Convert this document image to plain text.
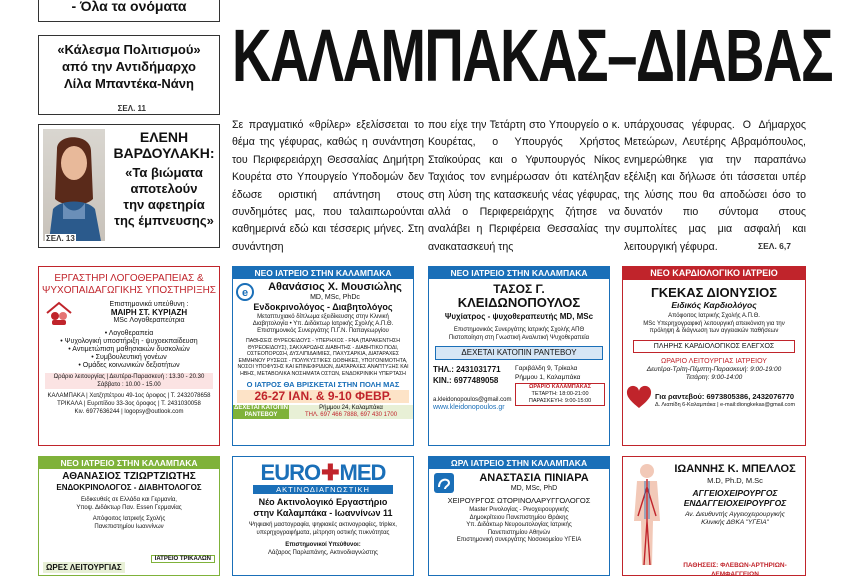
- Όλα τα ονόματα
«Κάλεσμα Πολιτισμού»
από την Αντιδήμαρχο
Λίλα Μπαντέκα-Νάνη
ΣΕΛ. 11
ΕΛΕΝΗ
ΒΑΡΔΟΥΛΑΚΗ:
«Τα βιώματα
αποτελούν
την αφετηρία
της έμπνευσης»
ΣΕΛ. 13
ΚΑΛΑΜΠΑΚΑΣ–ΔΙΑΒΑΣ
Σε πραγματικό «θρίλερ» εξελίσσεται το θέμα της γέφυρας, καθώς η συνάντηση του Περιφερειάρχη Θεσσαλίας Δημήτρη Κουρέτα στο Υπουργείο Υποδομών δεν έδωσε οριστική απάντηση στους συνδημότες μας, που ταλαιπωρούνται καθημερινά εδώ και τέσσερις μήνες. Στη συνάντηση
που είχε την Τετάρτη στο Υπουργείο ο κ. Κουρέτας, ο Υπουργός Χρήστος Σταϊκούρας και ο Υφυπουργός Νίκος Ταχιάος τον ενημέρωσαν ότι κατέληξαν στη λύση της κατασκευής νέας γέφυρας, αλλά ο Περιφερειάρχης ζήτησε να αναλάβει η Περιφέρεια Θεσσαλίας την ανακατασκευή της
υπάρχουσας γέφυρας. Ο Δήμαρχος Μετεώρων, Λευτέρης Αβραμόπουλος, ενημερώθηκε για την παραπάνω εξέλιξη και δήλωσε ότι τάσσεται υπέρ της λύσης που θα αποδώσει όσο το δυνατόν πιο σύντομα στους συμπολίτες μας μια ασφαλή και λειτουργική γέφυρα.	ΣΕΛ. 6,7
ΕΡΓΑΣΤΗΡΙ ΛΟΓΟΘΕΡΑΠΕΙΑΣ &
ΨΥΧΟΠΑΙΔΑΓΩΓΙΚΗΣ ΥΠΟΣΤΗΡΙΞΗΣ
Επιστημονικά υπεύθυνη :
ΜΑΙΡΗ ΣΤ. ΚΥΡΙΑΖΗ
MSc Λογοθεραπεύτρια
• Λογοθεραπεία
• Ψυχολογική υποστήριξη - ψυχοεκπαίδευση
• Αντιμετώπιση μαθησιακών δυσκολιών
• Συμβουλευτική γονέων
• Ομάδες κοινωνικών δεξιοτήτων
Ωράριο λειτουργίας | Δευτέρα-Παρασκευή : 13.30 - 20.30
Σάββατο : 10.00 - 15.00
ΚΑΛΑΜΠΑΚΑ | Χατζηπέτρου 49-1ος όροφος | Τ. 2432078658
ΤΡΙΚΑΛΑ | Ευριπίδου 33-3ος όροφος | Τ. 2431030058
Κιν. 6977636244 | logopsy@outlook.com
ΝΕΟ ΙΑΤΡΕΙΟ ΣΤΗΝ ΚΑΛΑΜΠΑΚΑ
e	Αθανάσιος Χ. Μουσιώλης
MD, MSc, PhDc
Ενδοκρινολόγος - Διαβητολόγος
Μεταπτυχιακό δίπλωμα εξειδίκευσης στην Κλινική
Διαβητολογία • Υπ. Διδάκτωρ Ιατρικής Σχολής Α.Π.Θ.
Επιστημονικός Συνεργάτης Π.Γ.Ν. Παπαγεωργίου
ΠΑΘΗΣΕΙΣ ΘΥΡΕΟΕΙΔΟΥΣ - ΥΠΕΡΗΧΟΣ - FNA (ΠΑΡΑΚΕΝΤΗΣΗ ΘΥΡΕΟΕΙΔΟΥΣ), ΣΑΚΧΑΡΩΔΗΣ ΔΙΑΒΗΤΗΣ - ΔΙΑΒΗΤΙΚΟ ΠΟΔΙ, ΟΣΤΕΟΠΟΡΩΣΗ, ΔΥΣΛΙΠΙΔΑΙΜΙΕΣ, ΠΑΧΥΣΑΡΚΙΑ, ΔΙΑΤΑΡΑΧΕΣ ΕΜΜΗΝΟΥ ΡΥΣΕΩΣ - ΠΟΛΥΚΥΣΤΙΚΕΣ ΩΟΘΗΚΕΣ, ΥΠΟΓΟΝΙΜΟΤΗΤΑ, ΝΟΣΟΙ ΥΠΟΦΥΣΗΣ ΚΑΙ ΕΠΙΝΕΦΡΙΔΙΩΝ, ΔΙΑΤΑΡΑΧΕΣ ΑΝΑΠΤΥΞΗΣ ΚΑΙ ΗΒΗΣ, ΜΕΤΑΒΟΛΙΚΑ ΝΟΣΗΜΑΤΑ ΟΣΤΩΝ, ΕΝΔΟΚΡΙΝΙΚΗ ΥΠΕΡΤΑΣΗ
Ο ΙΑΤΡΟΣ ΘΑ ΒΡΙΣΚΕΤΑΙ ΣΤΗΝ ΠΟΛΗ ΜΑΣ
26-27 ΙΑΝ. & 9-10 ΦΕΒΡ.
ΔΕΧΕΤΑΙ ΚΑΤΟΠΙΝ
ΡΑΝΤΕΒΟΥ
Ρήμμου 24, Καλαμπάκα
ΤΗΛ. 697 466 7888, 697 430 1700
ΝΕΟ ΙΑΤΡΕΙΟ ΣΤΗΝ ΚΑΛΑΜΠΑΚΑ
ΤΑΣΟΣ Γ.
ΚΛΕΙΔΩΝΟΠΟΥΛΟΣ
Ψυχίατρος - ψυχοθεραπευτής MD, MSc
Επιστημονικός Συνεργάτης Ιατρικής Σχολής ΑΠΘ
Πιστοποίηση στη Γνωστική Αναλυτική Ψυχοθεραπεία
ΔΕΧΕΤΑΙ ΚΑΤΟΠΙΝ ΡΑΝΤΕΒΟΥ
ΤΗΛ.: 2431031771
ΚΙΝ.: 6977489058
Γαριβάλδη 9, Τρίκαλα
Ρήμμου 1, Καλαμπάκα
ΩΡΑΡΙΟ ΚΑΛΑΜΠΑΚΑΣ
ΤΕΤΑΡΤΗ: 18:00-21:00
ΠΑΡΑΣΚΕΥΗ: 9:00-15:00
a.kleidonopoulos@gmail.com
www.kleidonopoulos.gr
ΝΕΟ ΚΑΡΔΙΟΛΟΓΙΚΟ ΙΑΤΡΕΙΟ
ΓΚΕΚΑΣ ΔΙΟΝΥΣΙΟΣ
Ειδικός Καρδιολόγος
Απόφοιτος Ιατρικής Σχολής Α.Π.Θ.
MSc Υπερηχογραφική λειτουργική απεικόνιση για την
πρόληψη & διάγνωση των αγγειακών παθήσεων
ΠΛΗΡΗΣ ΚΑΡΔΙΟΛΟΓΙΚΟΣ ΕΛΕΓΧΟΣ
ΩΡΑΡΙΟ ΛΕΙΤΟΥΡΓΙΑΣ ΙΑΤΡΕΙΟΥ
Δευτέρα-Τρίτη-Πέμπτη-Παρασκευή: 9:00-19:00
Τετάρτη: 9:00-14:00
Για ραντεβού: 6973805386, 2432076770
Δ. Λιαπίδη 6-Καλαμπάκα | e-mail:diongkekas@gmail.com
ΝΕΟ ΙΑΤΡΕΙΟ ΣΤΗΝ ΚΑΛΑΜΠΑΚΑ
ΑΘΑΝΑΣΙΟΣ ΤΖΙΩΡΤΖΙΩΤΗΣ
ΕΝΔΟΚΡΙΝΟΛΟΓΟΣ - ΔΙΑΒΗΤΟΛΟΓΟΣ
Ειδικευθείς σε Ελλάδα και Γερμανία,
Υποψ. Διδάκτωρ Παν. Essen Γερμανίας
Απόφοιτος Ιατρικής Σχολής
Πανεπιστημίου Ιωαννίνων
ΩΡΕΣ ΛΕΙΤΟΥΡΓΙΑΣ
ΙΑΤΡΕΙΟ ΤΡΙΚΑΛΩΝ
EURO✚MED
ΑΚΤΙΝΟΔΙΑΓΝΩΣΤΙΚΗ
Νέο Ακτινολογικό Εργαστήριο
στην Καλαμπάκα - Ιωαννίνων 11
Ψηφιακή μαστογραφία, ψηφιακές ακτινογραφίες, triplex,
υπερηχογραφήματα, μέτρηση οστικής πυκνότητας
Επιστημονικοί Υπεύθυνοι:
Λάζαρος Παρλαπάνης, Ακτινοδιαγνώστης
ΩΡΛ ΙΑΤΡΕΙΟ ΣΤΗΝ ΚΑΛΑΜΠΑΚΑ
ΑΝΑΣΤΑΣΙΑ ΠΙΝΙΑΡΑ
MD, MSc, PhD
ΧΕΙΡΟΥΡΓΟΣ ΩΤΟΡΙΝΟΛΑΡΥΓΓΟΛΟΓΟΣ
Master Ρινολογίας - Ρινοχειρουργικής
Δημοκρίτειου Πανεπιστημίου Θράκης
Υπ. Διδάκτωρ Νευροωτολογίας Ιατρικής
Πανεπιστημίου Αθηνών
Επιστημονική συνεργάτης Νοσοκομείου ΥΓΕΙΑ
ΙΩΑΝΝΗΣ Κ. ΜΠΕΛΛΟΣ
M.D, Ph.D, M.Sc
ΑΓΓΕΙΟΧΕΙΡΟΥΡΓΟΣ
ΕΝΔΑΓΓΕΙΟΧΕΙΡΟΥΡΓΟΣ
Αν. Διευθυντής Αγγειοχειρουργικής
Κλινικής ΔΘΚΑ "ΥΓΕΙΑ"
ΠΑΘΗΣΕΙΣ: ΦΛΕΒΩΝ-ΑΡΤΗΡΙΩΝ-ΛΕΜΦΑΓΓΕΙΩΝ
